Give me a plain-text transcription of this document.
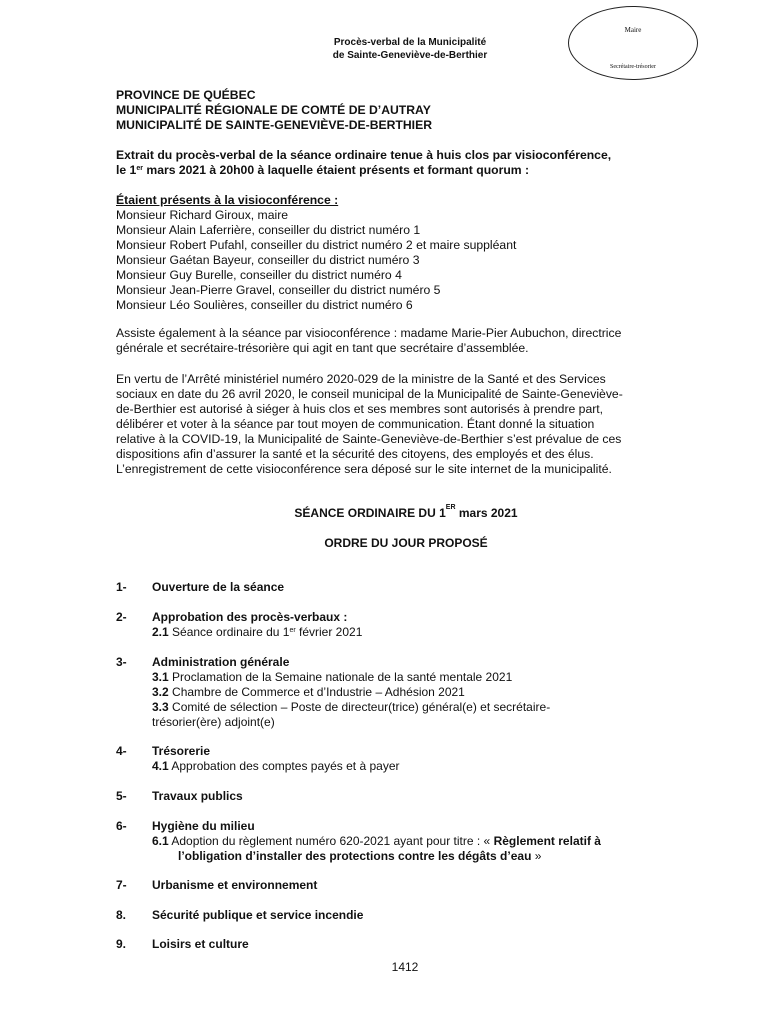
Procès-verbal de la Municipalité
de Sainte-Geneviève-de-Berthier
Maire
Secrétaire-trésorier
PROVINCE DE QUÉBEC
MUNICIPALITÉ RÉGIONALE DE COMTÉ DE D’AUTRAY
MUNICIPALITÉ DE SAINTE-GENEVIÈVE-DE-BERTHIER
Extrait du procès-verbal de la séance ordinaire tenue à huis clos par visioconférence,
le 1er mars 2021 à 20h00 à laquelle étaient présents et formant quorum :
Étaient présents à la visioconférence :
Monsieur Richard Giroux, maire
Monsieur Alain Laferrière, conseiller du district numéro 1
Monsieur Robert Pufahl, conseiller du district numéro 2 et maire suppléant
Monsieur Gaétan Bayeur, conseiller du district numéro 3
Monsieur Guy Burelle, conseiller du district numéro 4
Monsieur Jean-Pierre Gravel, conseiller du district numéro 5
Monsieur Léo Soulières, conseiller du district numéro 6
Assiste également à la séance par visioconférence : madame Marie-Pier Aubuchon, directrice
générale et secrétaire-trésorière qui agit en tant que secrétaire d’assemblée.
En vertu de l’Arrêté ministériel numéro 2020-029 de la ministre de la Santé et des Services
sociaux en date du 26 avril 2020, le conseil municipal de la Municipalité de Sainte-Geneviève-
de-Berthier est autorisé à siéger à huis clos et ses membres sont autorisés à prendre part,
délibérer et voter à la séance par tout moyen de communication. Étant donné la situation
relative à la COVID-19, la Municipalité de Sainte-Geneviève-de-Berthier s’est prévalue de ces
dispositions afin d’assurer la santé et la sécurité des citoyens, des employés et des élus.
L’enregistrement de cette visioconférence sera déposé sur le site internet de la municipalité.
SÉANCE ORDINAIRE DU 1ER mars 2021
ORDRE DU JOUR PROPOSÉ
1- Ouverture de la séance
2- Approbation des procès-verbaux :
2.1 Séance ordinaire du 1er février 2021
3- Administration générale
3.1 Proclamation de la Semaine nationale de la santé mentale 2021
3.2 Chambre de Commerce et d’Industrie – Adhésion 2021
3.3 Comité de sélection – Poste de directeur(trice) général(e) et secrétaire-
trésorier(ère) adjoint(e)
4- Trésorerie
4.1 Approbation des comptes payés et à payer
5- Travaux publics
6- Hygiène du milieu
6.1 Adoption du règlement numéro 620-2021 ayant pour titre : « Règlement relatif à
l’obligation d’installer des protections contre les dégâts d’eau »
7- Urbanisme et environnement
8. Sécurité publique et service incendie
9. Loisirs et culture
1412
